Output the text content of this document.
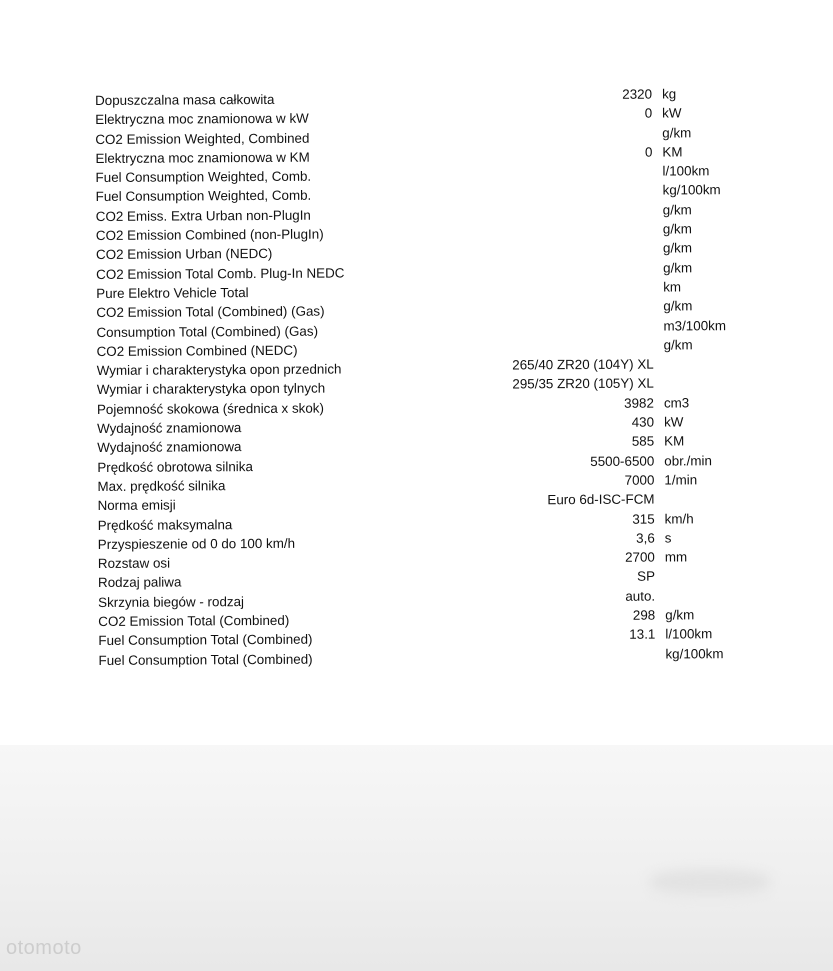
Dopuszczalna masa całkowita	2320 kg
Elektryczna moc znamionowa w kW	0 kW
CO2 Emission Weighted, Combined	g/km
Elektryczna moc znamionowa w KM	0 KM
Fuel Consumption Weighted, Comb.	l/100km
Fuel Consumption Weighted, Comb.	kg/100km
CO2 Emiss. Extra Urban non-PlugIn	g/km
CO2 Emission Combined (non-PlugIn)	g/km
CO2 Emission Urban (NEDC)	g/km
CO2 Emission Total Comb. Plug-In NEDC	g/km
Pure Elektro Vehicle Total	km
CO2 Emission Total (Combined) (Gas)	g/km
Consumption Total (Combined) (Gas)	m3/100km
CO2 Emission Combined (NEDC)	g/km
Wymiar i charakterystyka opon przednich	265/40 ZR20 (104Y) XL
Wymiar i charakterystyka opon tylnych	295/35 ZR20 (105Y) XL
Pojemność skokowa (średnica x skok)	3982 cm3
Wydajność znamionowa	430 kW
Wydajność znamionowa	585 KM
Prędkość obrotowa silnika	5500-6500 obr./min
Max. prędkość silnika	7000 1/min
Norma emisji	Euro 6d-ISC-FCM
Prędkość maksymalna	315 km/h
Przyspieszenie od 0 do 100 km/h	3,6 s
Rozstaw osi	2700 mm
Rodzaj paliwa	SP
Skrzynia biegów - rodzaj	auto.
CO2 Emission Total (Combined)	298 g/km
Fuel Consumption Total (Combined)	13.1 l/100km
Fuel Consumption Total (Combined)	kg/100km
otomoto
